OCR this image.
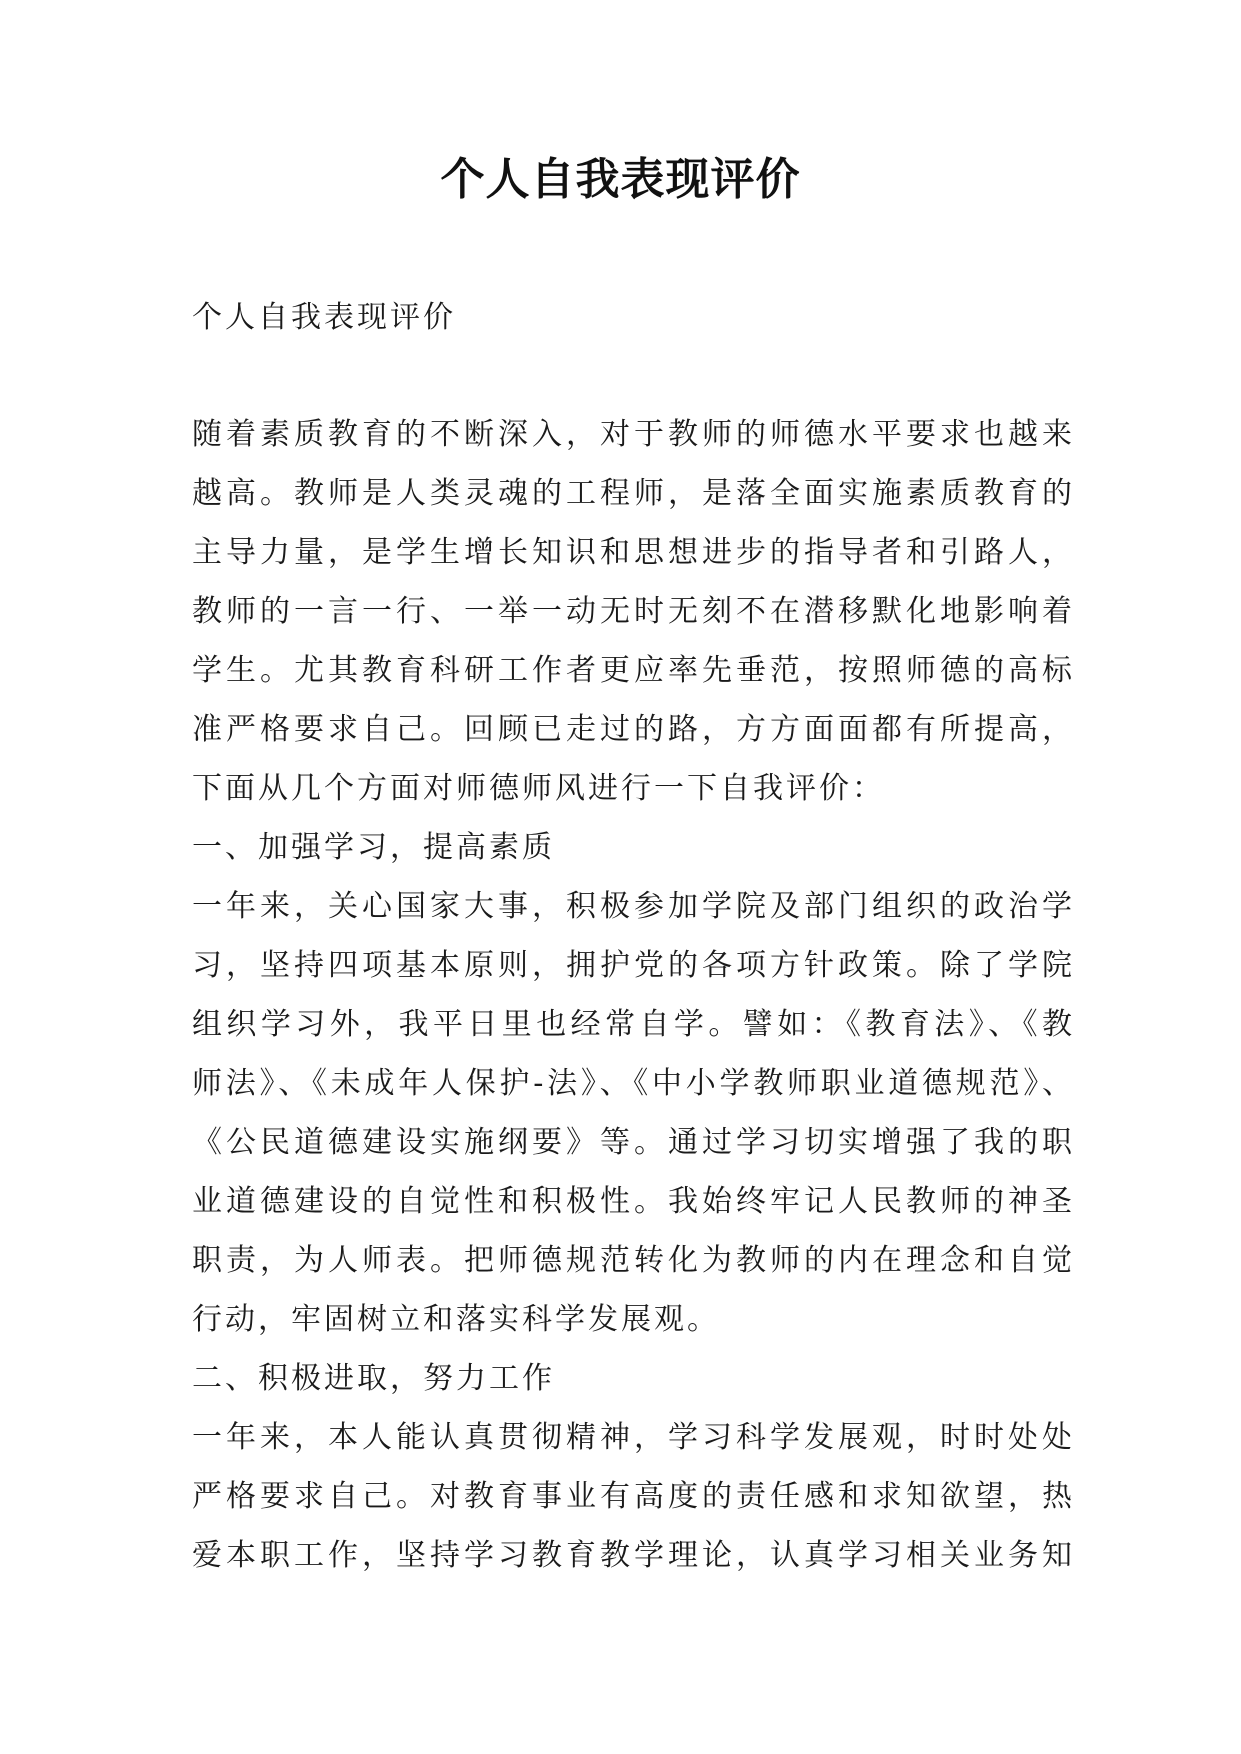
个人自我表现评价
个人自我表现评价
随着素质教育的不断深入，对于教师的师德水平要求也越来
越高。教师是人类灵魂的工程师，是落全面实施素质教育的
主导力量，是学生增长知识和思想进步的指导者和引路人，
教师的一言一行、一举一动无时无刻不在潜移默化地影响着
学生。尤其教育科研工作者更应率先垂范，按照师德的高标
准严格要求自己。回顾已走过的路，方方面面都有所提高，
下面从几个方面对师德师风进行一下自我评价：
一、加强学习，提高素质
一年来，关心国家大事，积极参加学院及部门组织的政治学
习，坚持四项基本原则，拥护党的各项方针政策。除了学院
组织学习外，我平日里也经常自学。譬如：《教育法》、《教
师法》、《未成年人保护-法》、《中小学教师职业道德规范》、
《公民道德建设实施纲要》等。通过学习切实增强了我的职
业道德建设的自觉性和积极性。我始终牢记人民教师的神圣
职责，为人师表。把师德规范转化为教师的内在理念和自觉
行动，牢固树立和落实科学发展观。
二、积极进取，努力工作
一年来，本人能认真贯彻精神，学习科学发展观，时时处处
严格要求自己。对教育事业有高度的责任感和求知欲望，热
爱本职工作，坚持学习教育教学理论，认真学习相关业务知
